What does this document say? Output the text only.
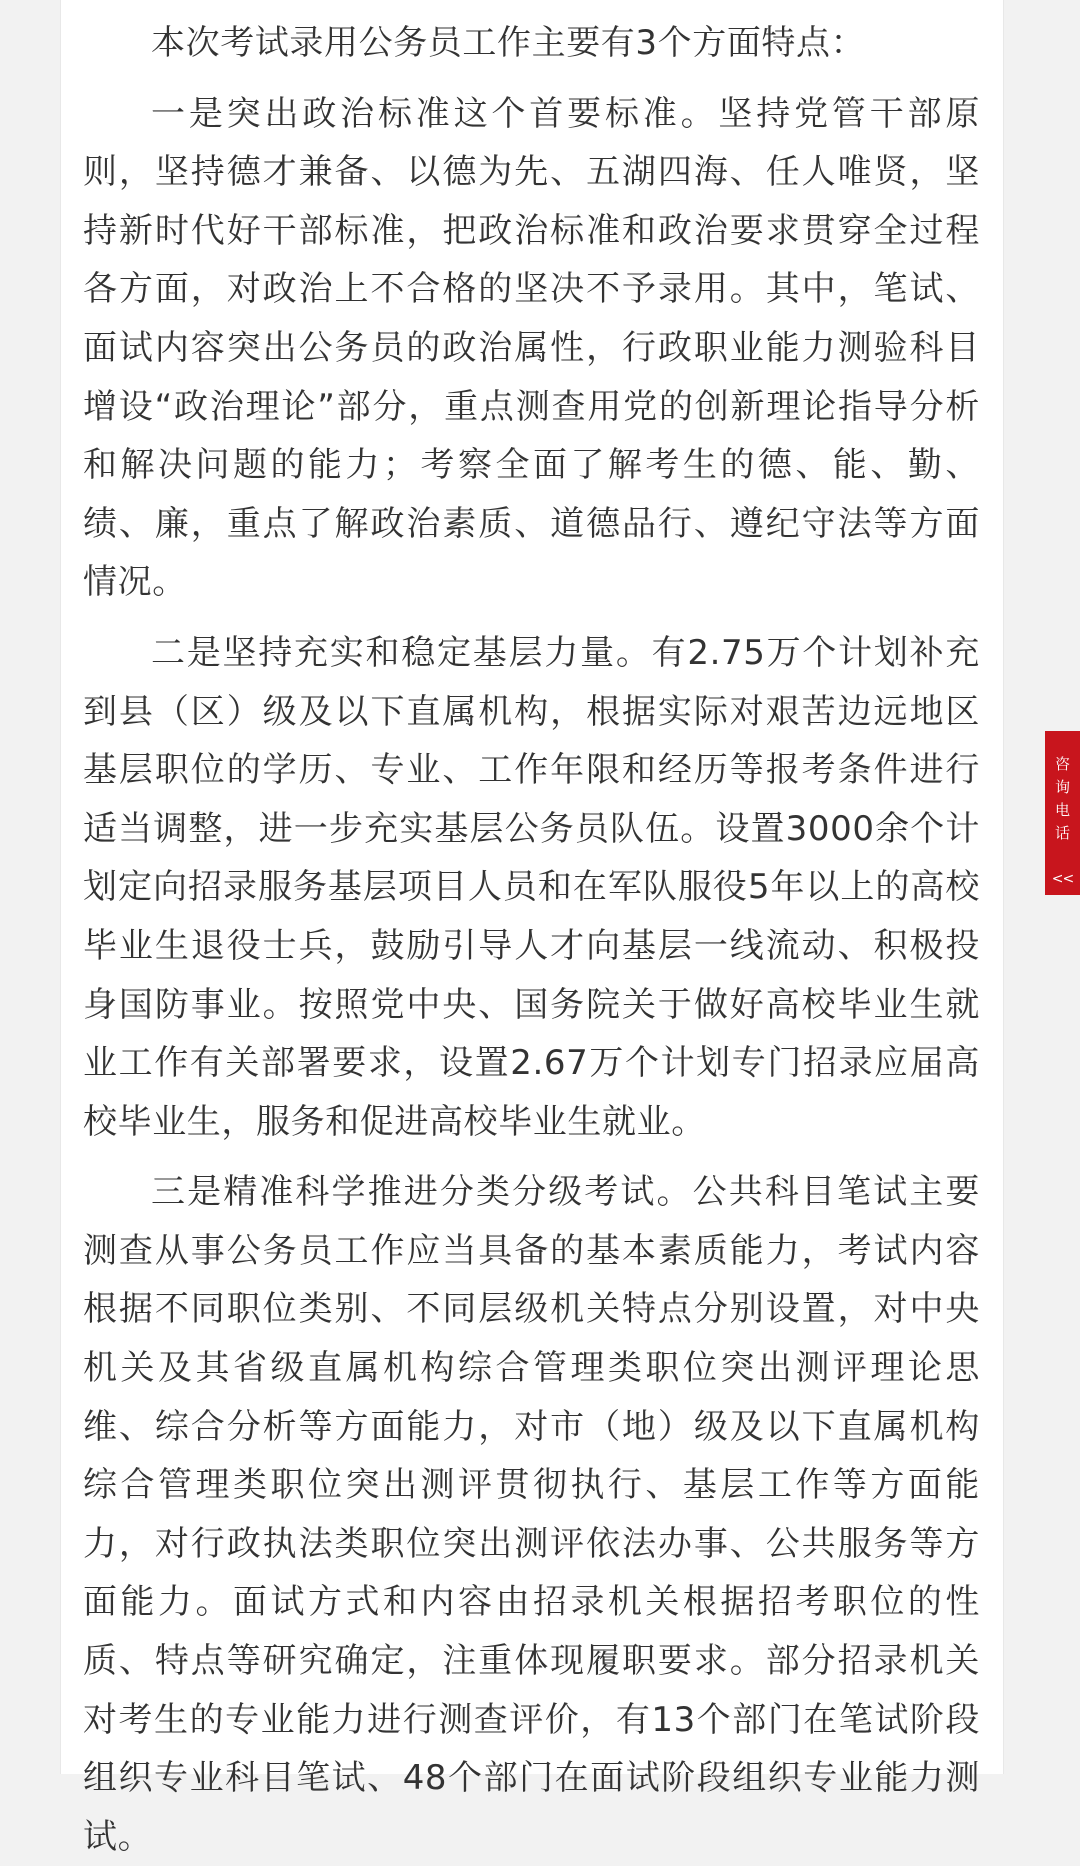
本次考试录用公务员工作主要有3个方面特点：

一是突出政治标准这个首要标准。坚持党管干部原则，坚持德才兼备、以德为先、五湖四海、任人唯贤，坚持新时代好干部标准，把政治标准和政治要求贯穿全过程各方面，对政治上不合格的坚决不予录用。其中，笔试、面试内容突出公务员的政治属性，行政职业能力测验科目增设“政治理论”部分，重点测查用党的创新理论指导分析和解决问题的能力；考察全面了解考生的德、能、勤、绩、廉，重点了解政治素质、道德品行、遵纪守法等方面情况。

二是坚持充实和稳定基层力量。有2.75万个计划补充到县（区）级及以下直属机构，根据实际对艰苦边远地区基层职位的学历、专业、工作年限和经历等报考条件进行适当调整，进一步充实基层公务员队伍。设置3000余个计划定向招录服务基层项目人员和在军队服役5年以上的高校毕业生退役士兵，鼓励引导人才向基层一线流动、积极投身国防事业。按照党中央、国务院关于做好高校毕业生就业工作有关部署要求，设置2.67万个计划专门招录应届高校毕业生，服务和促进高校毕业生就业。

三是精准科学推进分类分级考试。公共科目笔试主要测查从事公务员工作应当具备的基本素质能力，考试内容根据不同职位类别、不同层级机关特点分别设置，对中央机关及其省级直属机构综合管理类职位突出测评理论思维、综合分析等方面能力，对市（地）级及以下直属机构综合管理类职位突出测评贯彻执行、基层工作等方面能力，对行政执法类职位突出测评依法办事、公共服务等方面能力。面试方式和内容由招录机关根据招考职位的性质、特点等研究确定，注重体现履职要求。部分招录机关对考生的专业能力进行测查评价，有13个部门在笔试阶段组织专业科目笔试、48个部门在面试阶段组织专业能力测试。

咨
询
电
话
<<
